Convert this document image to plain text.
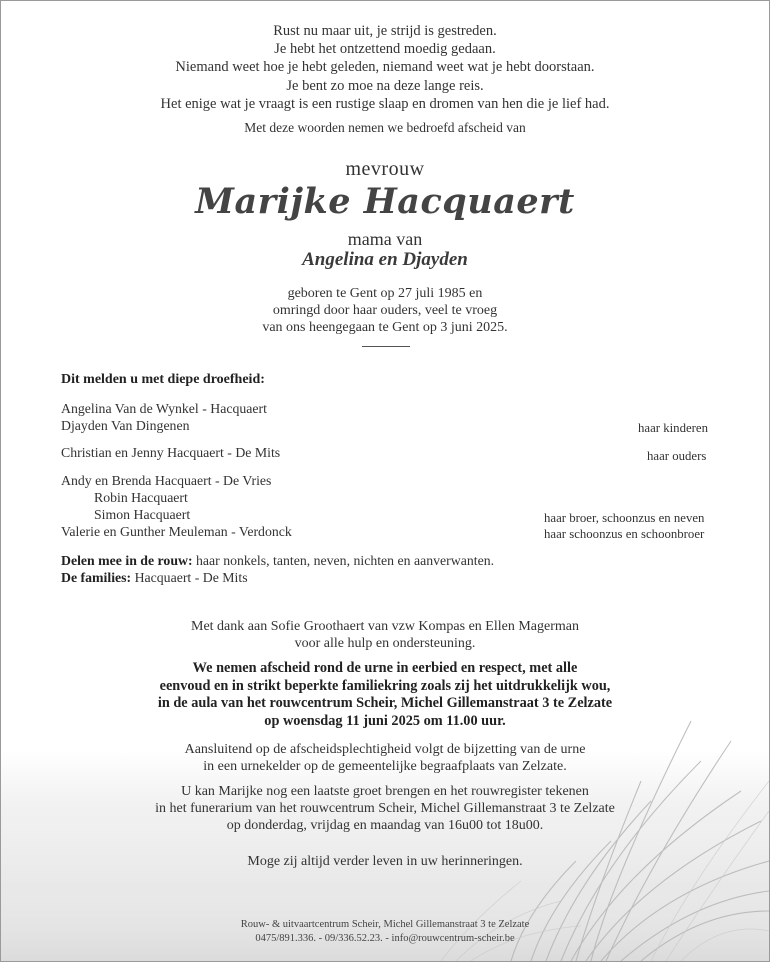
Rust nu maar uit, je strijd is gestreden.
Je hebt het ontzettend moedig gedaan.
Niemand weet hoe je hebt geleden, niemand weet wat je hebt doorstaan.
Je bent zo moe na deze lange reis.
Het enige wat je vraagt is een rustige slaap en dromen van hen die je lief had.
Met deze woorden nemen we bedroefd afscheid van
mevrouw
Marijke Hacquaert
mama van
Angelina en Djayden
geboren te Gent op 27 juli 1985 en
omringd door haar ouders, veel te vroeg
van ons heengegaan te Gent op 3 juni 2025.
Dit melden u met diepe droefheid:
Angelina Van de Wynkel - Hacquaert
Djayden Van Dingenen	haar kinderen
Christian en Jenny Hacquaert - De Mits	haar ouders
Andy en Brenda Hacquaert - De Vries
Robin Hacquaert
Simon Hacquaert
Valerie en Gunther Meuleman - Verdonck
haar broer, schoonzus en neven
haar schoonzus en schoonbroer
Delen mee in de rouw: haar nonkels, tanten, neven, nichten en aanverwanten.
De families: Hacquaert - De Mits
Met dank aan Sofie Groothaert van vzw Kompas en Ellen Magerman
voor alle hulp en ondersteuning.
We nemen afscheid rond de urne in eerbied en respect, met alle
eenvoud en in strikt beperkte familiekring zoals zij het uitdrukkelijk wou,
in de aula van het rouwcentrum Scheir, Michel Gillemanstraat 3 te Zelzate
op woensdag 11 juni 2025 om 11.00 uur.
Aansluitend op de afscheidsplechtigheid volgt de bijzetting van de urne
in een urnekelder op de gemeentelijke begraafplaats van Zelzate.
U kan Marijke nog een laatste groet brengen en het rouwregister tekenen
in het funerarium van het rouwcentrum Scheir, Michel Gillemanstraat 3 te Zelzate
op donderdag, vrijdag en maandag van 16u00 tot 18u00.
Moge zij altijd verder leven in uw herinneringen.
Rouw- & uitvaartcentrum Scheir, Michel Gillemanstraat 3 te Zelzate
0475/891.336. - 09/336.52.23. - info@rouwcentrum-scheir.be
